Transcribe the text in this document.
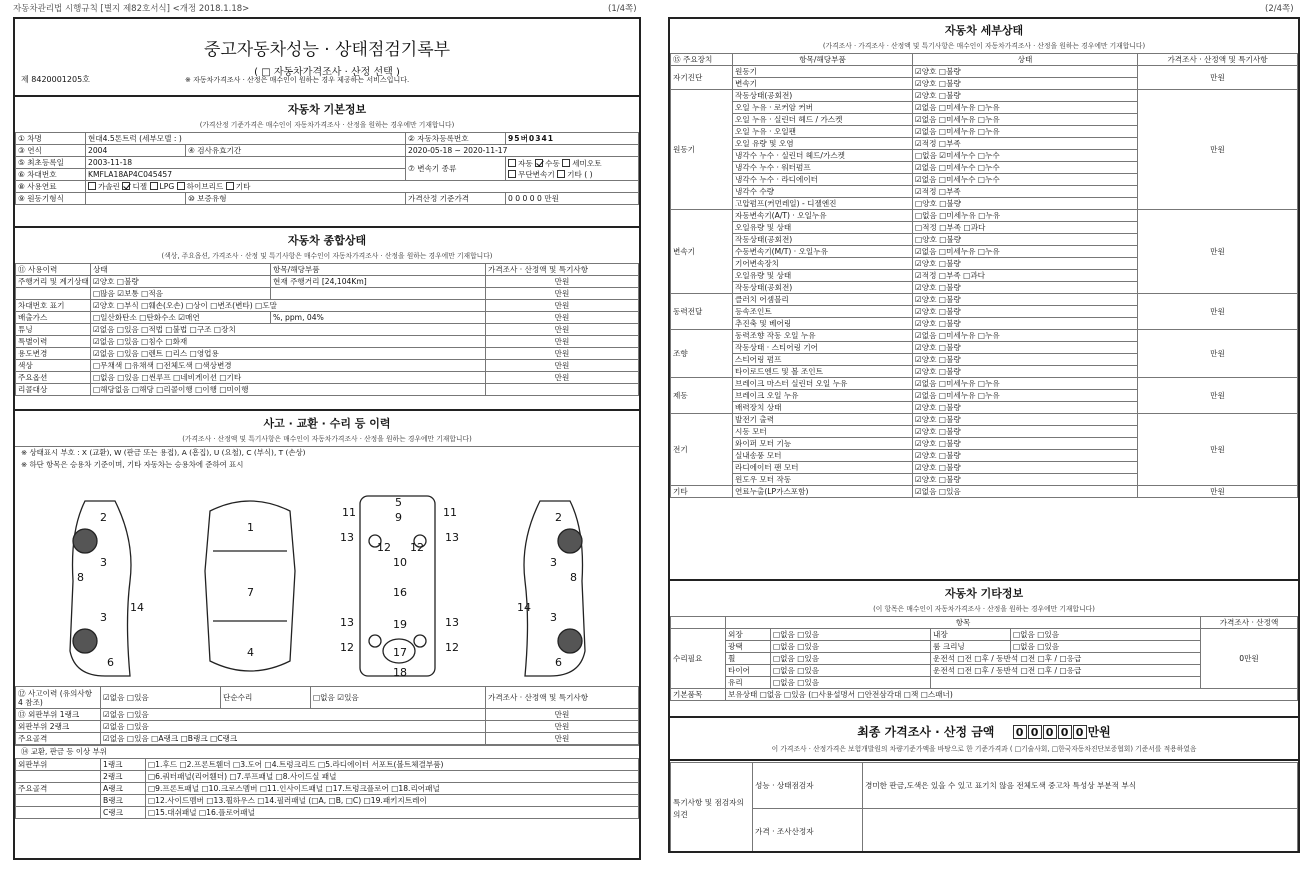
자동차관리법 시행규칙 [별지 제82호서식] <개정 2018.1.18>	(1/4쪽)	(2/4쪽)
중고자동차성능 · 상태점검기록부
( □ 자동차가격조사 · 산정 선택 )
제 8420001205호	※ 자동차가격조사 · 산정은 매수인이 원하는 경우 제공하는 서비스입니다.
자동차 기본정보
(가격산정 기준가격은 매수인이 자동차가격조사 · 산정을 원하는 경우에만 기재합니다)
① 차명	현대4.5톤트럭 (세부모델 : )		② 자동차등록번호	95버0341
③ 연식	2004	④ 검사유효기간	2020-05-18 ~ 2020-11-17	
⑤ 최초등록일	2003-11-18		⑦ 변속기 종류	자동 수동 세미오토
무단변속기 기타 ( )
⑥ 차대번호	KMFLA18AP4C045457			
⑧ 사용연료	가솔린 디젤 LPG 하이브리드 기타			
⑨ 원동기형식		⑩ 보증유형	가격산정 기준가격	0 0 0 0 0 만원
자동차 종합상태
(색상, 주요옵션, 가격조사 · 산정 및 특기사항은 매수인이 자동차가격조사 · 산정을 원하는 경우에만 기재합니다)
⑪ 사용이력	상태	항목/해당부품	가격조사 · 산정액 및 특기사항
주행거리 및 계기상태	☑양호 □불량	현재 주행거리 [24,104Km]	만원
	□많음 ☑보통 □적음		만원
차대번호 표기	☑양호 □부식 □훼손(오손) □상이 □변조(변타) □도말		만원
배출가스	□일산화탄소 □탄화수소 ☑매연	%, ppm, 04%	만원
튜닝	☑없음 □있음 □적법 □불법 □구조 □장치		만원
특별이력	☑없음 □있음 □침수 □화재		만원
용도변경	☑없음 □있음 □렌트 □리스 □영업용		만원
색상	□무채색 □유채색 □전체도색 □색상변경		만원
주요옵션	□없음 □있음 □썬루프 □네비게이션 □기타		만원
리콜대상	□해당없음 □해당 □리콜이행 □이행 □미이행		
사고 · 교환 · 수리 등 이력
(가격조사 · 산정액 및 특기사항은 매수인이 자동차가격조사 · 산정을 원하는 경우에만 기재합니다)
※ 상태표시 부호 : X (교환), W (판금 또는 용접), A (흠집), U (요철), C (부식), T (손상)
※ 하단 항목은 승용차 기준이며, 기타 자동차는 승용차에 준하여 표시
2
8
3
3
14
6
1
7
4
5
9
11	11
13	13
12 12
10
16
13	13
19
12	12
17
18
2
8
3
3
14
6
⑫ 사고이력 (유의사항 4 참조)	☑없음 □있음	단순수리	□없음 ☑있음	가격조사 · 산정액 및 특기사항
⑬ 외판부위 1랭크	☑없음 □있음			만원
외판부위 2랭크	☑없음 □있음			만원
주요골격	☑없음 □있음 □A랭크 □B랭크 □C랭크			만원
⑭ 교환, 판금 등 이상 부위
외판부위	1랭크	□1.후드 □2.프론트휀더 □3.도어 □4.트렁크리드 □5.라디에이터 서포트(볼트체결부품)
	2랭크	□6.쿼터패널(리어휀더) □7.루프패널 □8.사이드실 패널
주요골격	A랭크	□9.프론트패널 □10.크로스멤버 □11.인사이드패널 □17.트렁크플로어 □18.리어패널
	B랭크	□12.사이드멤버 □13.휠하우스 □14.필러패널 (□A, □B, □C) □19.패키지트레이
	C랭크	□15.대쉬패널 □16.플로어패널
자동차 세부상태
(가격조사 · 가격조사 · 산정액 및 특기사항은 매수인이 자동차가격조사 · 산정을 원하는 경우에만 기재합니다)
⑮ 주요장치	항목/해당부품	상태	가격조사 · 산정액 및 특기사항
자기진단	원동기	☑양호 □불량	만원
	변속기	☑양호 □불량	
원동기	작동상태(공회전)	☑양호 □불량	만원
	오일 누유 · 로커암 커버	☑없음 □미세누유 □누유	
	오일 누유 · 실린더 헤드 / 가스켓	☑없음 □미세누유 □누유	
	오일 누유 · 오일팬	☑없음 □미세누유 □누유	
	오일 유량 및 오염	☑적정 □부족	
	냉각수 누수 · 실린더 헤드/가스켓	□없음 ☑미세누수 □누수	
	냉각수 누수 · 워터펌프	☑없음 □미세누수 □누수	
	냉각수 누수 · 라디에이터	☑없음 □미세누수 □누수	
	냉각수 수량	☑적정 □부족	
	고압펌프(커먼레일) - 디젤엔진	□양호 □불량	
변속기	자동변속기(A/T) · 오일누유	□없음 □미세누유 □누유	만원
	오일유량 및 상태	□적정 □부족 □과다	
	작동상태(공회전)	□양호 □불량	
	수동변속기(M/T) · 오일누유	☑없음 □미세누유 □누유	
	기어변속장치	☑양호 □불량	
	오일유량 및 상태	☑적정 □부족 □과다	
	작동상태(공회전)	☑양호 □불량	
동력전달	클러치 어셈블리	☑양호 □불량	만원
	등속조인트	☑양호 □불량	
	추진축 및 베어링	☑양호 □불량	
조향	동력조향 작동 오일 누유	☑없음 □미세누유 □누유	만원
	작동상태 · 스티어링 기어	☑양호 □불량	
	스티어링 펌프	☑양호 □불량	
	타이로드엔드 및 볼 조인트	☑양호 □불량	
제동	브레이크 마스터 실린더 오일 누유	☑없음 □미세누유 □누유	만원
	브레이크 오일 누유	☑없음 □미세누유 □누유	
	배력장치 상태	☑양호 □불량	
전기	발전기 출력	☑양호 □불량	만원
	시동 모터	☑양호 □불량	
	와이퍼 모터 기능	☑양호 □불량	
	실내송풍 모터	☑양호 □불량	
	라디에이터 팬 모터	☑양호 □불량	
	윈도우 모터 작동	☑양호 □불량	
기타	연료누출(LP가스포함)	☑없음 □있음	만원
자동차 기타정보
(이 항목은 매수인이 자동차가격조사 · 산정을 원하는 경우에만 기재합니다)
	항목				가격조사 · 산정액
수리필요	외장	□없음 □있음	내장	□없음 □있음	0만원
	광택	□없음 □있음	룸 크리닝	□없음 □있음	
	휠	□없음 □있음	운전석 □전 □후 / 동반석 □전 □후 / □응급		
	타이어	□없음 □있음	운전석 □전 □후 / 동반석 □전 □후 / □응급		
	유리	□없음 □있음			
기본품목	보유상태 □없음 □있음 (□사용설명서 □안전삼각대 □잭 □스패너)				
최종 가격조사 · 산정 금액 0 0 0 0 0 만원
이 가격조사 · 산정가격은 보험개발원의 차량기준가액을 바탕으로 한 기준가격과 ( □기술사회, □한국자동차진단보증협회) 기준서를 적용하였음
특기사항 및 점검자의 의견	성능 · 상태점검자	경미한 판금,도색은 있을 수 있고 표기치 않음 전체도색 중고차 특성상 부분적 부식
	가격 · 조사산정자	
